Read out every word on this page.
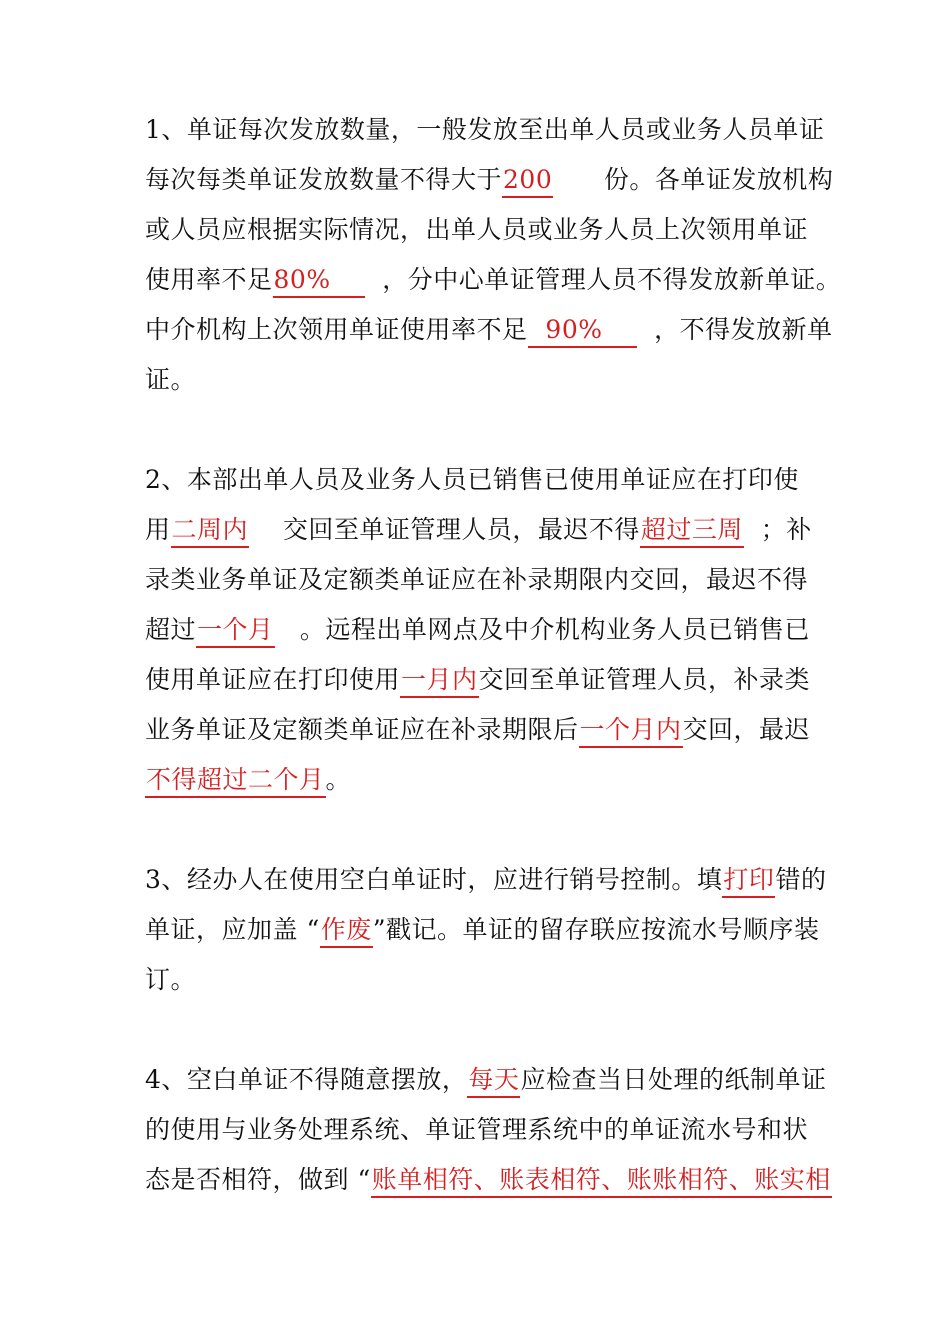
1、单证每次发放数量，一般发放至出单人员或业务人员单证
每次每类单证发放数量不得大于200      份。各单证发放机构
或人员应根据实际情况，出单人员或业务人员上次领用单证
使用率不足80%      ，分中心单证管理人员不得发放新单证。
中介机构上次领用单证使用率不足  90%      ，不得发放新单
证。
2、本部出单人员及业务人员已销售已使用单证应在打印使
用二周内    交回至单证管理人员，最迟不得超过三周  ；补
录类业务单证及定额类单证应在补录期限内交回，最迟不得
超过一个月   。远程出单网点及中介机构业务人员已销售已
使用单证应在打印使用一月内交回至单证管理人员，补录类
业务单证及定额类单证应在补录期限后一个月内交回，最迟
不得超过二个月。
3、经办人在使用空白单证时，应进行销号控制。填打印错的
单证，应加盖 “作废”戳记。单证的留存联应按流水号顺序装
订。
4、空白单证不得随意摆放，每天应检查当日处理的纸制单证
的使用与业务处理系统、单证管理系统中的单证流水号和状
态是否相符，做到 “账单相符、账表相符、账账相符、账实相
